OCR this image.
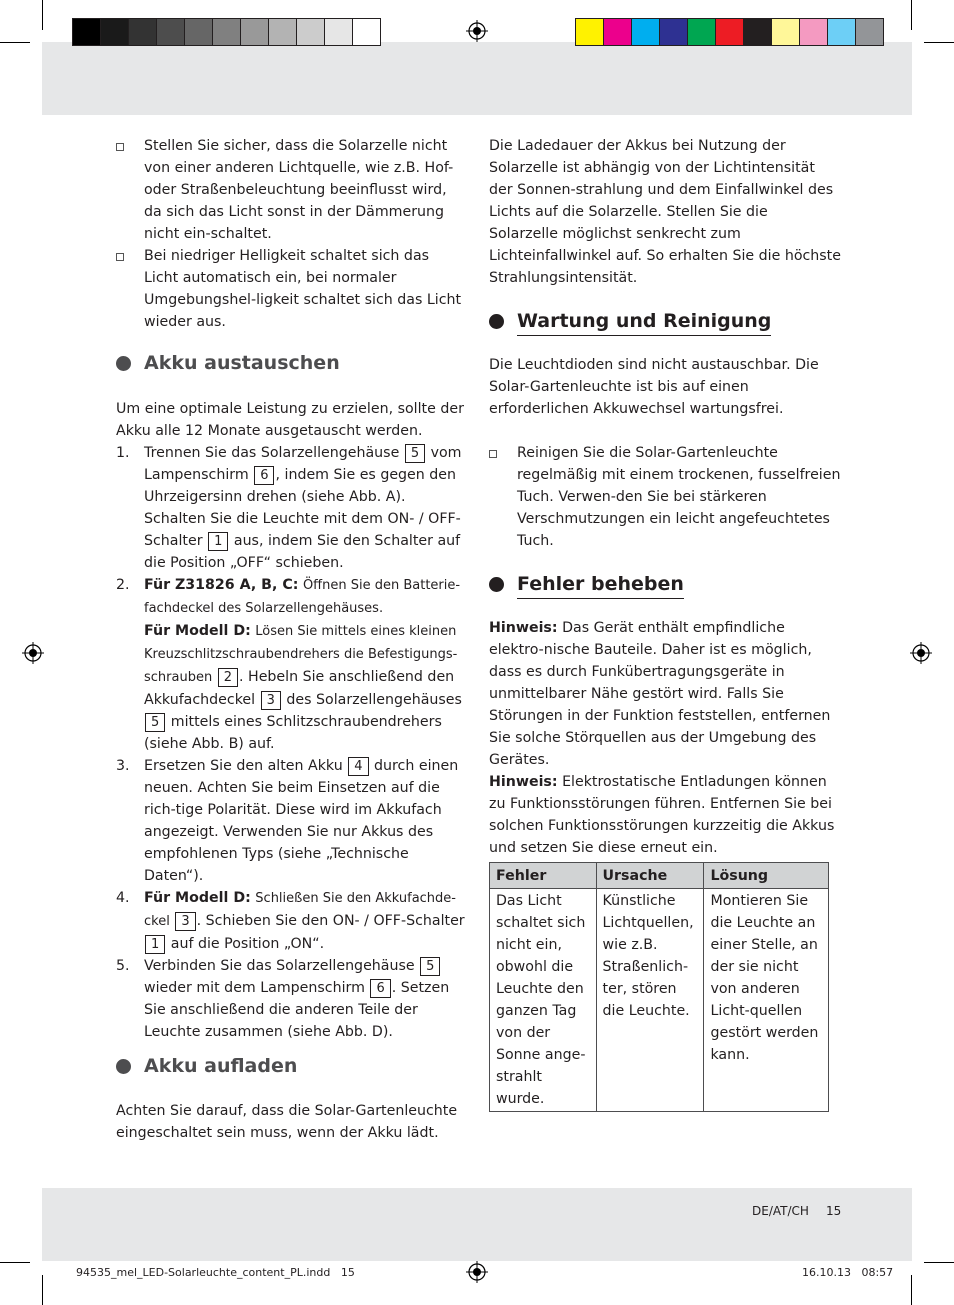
Stellen Sie sicher, dass die Solarzelle nicht von einer anderen Lichtquelle, wie z.B. Hof- oder Straßenbeleuchtung beeinflusst wird, da sich das Licht sonst in der Dämmerung nicht ein-schaltet.
Bei niedriger Helligkeit schaltet sich das Licht automatisch ein, bei normaler Umgebungshel-ligkeit schaltet sich das Licht wieder aus.
Akku austauschen
Um eine optimale Leistung zu erzielen, sollte der Akku alle 12 Monate ausgetauscht werden.
1. Trennen Sie das Solarzellengehäuse 5 vom Lampenschirm 6 , indem Sie es gegen den Uhrzeigersinn drehen (siehe Abb. A). Schalten Sie die Leuchte mit dem ON- / OFF-Schalter 1 aus, indem Sie den Schalter auf die Position „OFF“ schieben.
2. Für Z31826 A, B, C: Öffnen Sie den Batterie-fachdeckel des Solarzellengehäuses.
Für Modell D: Lösen Sie mittels eines kleinen Kreuzschlitzschraubendrehers die Befestigungs-schrauben 2 . Hebeln Sie anschließend den Akkufachdeckel 3 des Solarzellengehäuses 5 mittels eines Schlitzschraubendrehers (siehe Abb. B) auf.
3. Ersetzen Sie den alten Akku 4 durch einen neuen. Achten Sie beim Einsetzen auf die rich-tige Polarität. Diese wird im Akkufach angezeigt. Verwenden Sie nur Akkus des empfohlenen Typs (siehe „Technische Daten“).
4. Für Modell D: Schließen Sie den Akkufachde-ckel 3 . Schieben Sie den ON- / OFF-Schalter 1 auf die Position „ON“.
5. Verbinden Sie das Solarzellengehäuse 5 wieder mit dem Lampenschirm 6 . Setzen Sie anschließend die anderen Teile der Leuchte zusammen (siehe Abb. D).
Akku aufladen
Achten Sie darauf, dass die Solar-Gartenleuchte eingeschaltet sein muss, wenn der Akku lädt.
Die Ladedauer der Akkus bei Nutzung der Solarzelle ist abhängig von der Lichtintensität der Sonnen-strahlung und dem Einfallwinkel des Lichts auf die Solarzelle. Stellen Sie die Solarzelle möglichst senkrecht zum Lichteinfallwinkel auf. So erhalten Sie die höchste Strahlungsintensität.
Wartung und Reinigung
Die Leuchtdioden sind nicht austauschbar. Die Solar-Gartenleuchte ist bis auf einen erforderlichen Akkuwechsel wartungsfrei.
Reinigen Sie die Solar-Gartenleuchte regelmäßig mit einem trockenen, fusselfreien Tuch. Verwen-den Sie bei stärkeren Verschmutzungen ein leicht angefeuchtetes Tuch.
Fehler beheben
Hinweis: Das Gerät enthält empfindliche elektro-nische Bauteile. Daher ist es möglich, dass es durch Funkübertragungsgeräte in unmittelbarer Nähe gestört wird. Falls Sie Störungen in der Funktion feststellen, entfernen Sie solche Störquellen aus der Umgebung des Gerätes.
Hinweis: Elektrostatische Entladungen können zu Funktionsstörungen führen. Entfernen Sie bei solchen Funktionsstörungen kurzzeitig die Akkus und setzen Sie diese erneut ein.
Fehler	Ursache	Lösung
Das Licht schaltet sich nicht ein, obwohl die Leuchte den ganzen Tag von der Sonne ange-strahlt wurde.	Künstliche Lichtquellen, wie z.B. Straßenlich-ter, stören die Leuchte.	Montieren Sie die Leuchte an einer Stelle, an der sie nicht von anderen Licht-quellen gestört werden kann.
DE/AT/CH 15
94535_mel_LED-Solarleuchte_content_PL.indd   15	16.10.13   08:57
